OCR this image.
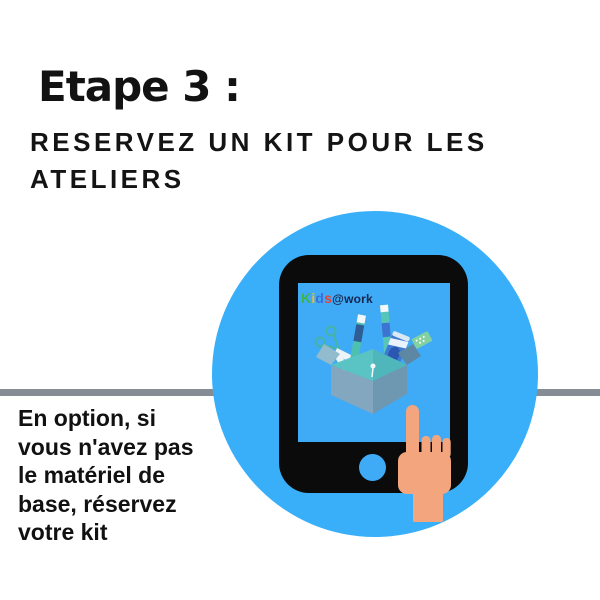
Etape 3 :
RESERVEZ UN KIT POUR LES
ATELIERS

En option, si
vous n'avez pas
le matériel de
base, réservez
votre kit

Kids@work
